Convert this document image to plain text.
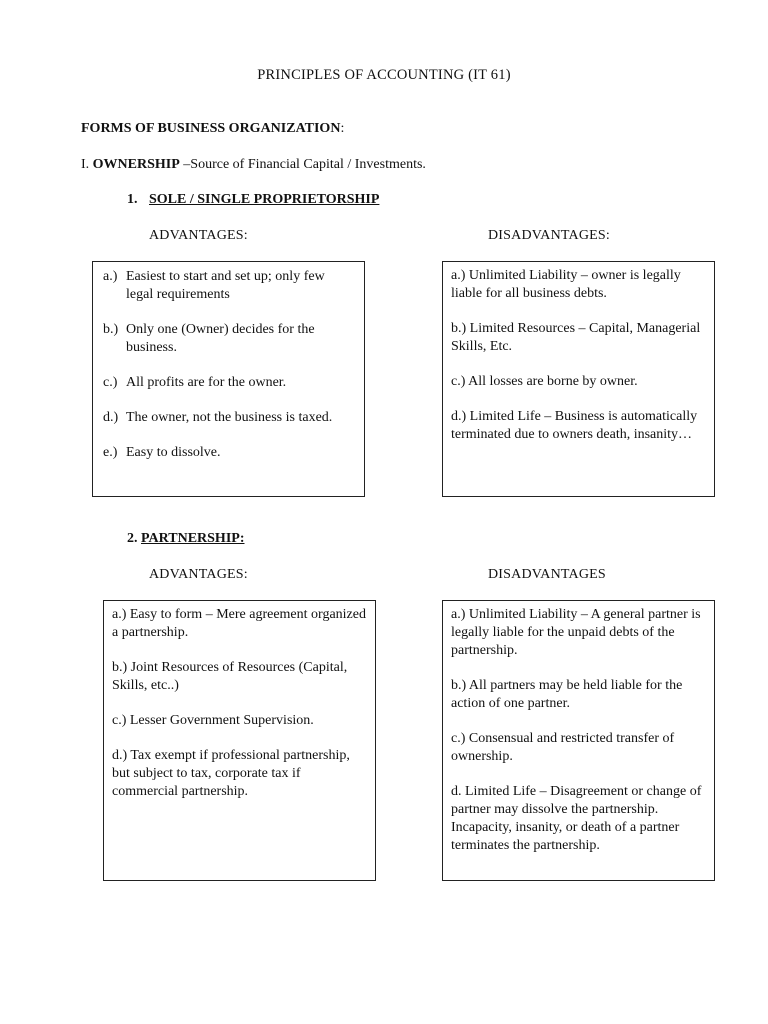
PRINCIPLES OF ACCOUNTING (IT 61)
FORMS OF BUSINESS ORGANIZATION:
I. OWNERSHIP –Source of Financial Capital / Investments.
1. SOLE / SINGLE PROPRIETORSHIP
ADVANTAGES:	DISADVANTAGES:
a.) Easiest to start and set up; only few legal requirements
b.) Only one (Owner) decides for the business.
c.) All profits are for the owner.
d.) The owner, not the business is taxed.
e.) Easy to dissolve.
a.) Unlimited Liability – owner is legally liable for all business debts.
b.) Limited Resources – Capital, Managerial Skills, Etc.
c.) All losses are borne by owner.
d.) Limited Life – Business is automatically terminated due to owners death, insanity…
2. PARTNERSHIP:
ADVANTAGES:	DISADVANTAGES
a.) Easy to form – Mere agreement organized a partnership.
b.) Joint Resources of Resources (Capital, Skills, etc..)
c.) Lesser Government Supervision.
d.) Tax exempt if professional partnership, but subject to tax, corporate tax if commercial partnership.
a.) Unlimited Liability – A general partner is legally liable for the unpaid debts of the partnership.
b.) All partners may be held liable for the action of one partner.
c.) Consensual and restricted transfer of ownership.
d. Limited Life – Disagreement or change of partner may dissolve the partnership. Incapacity, insanity, or death of a partner terminates the partnership.
